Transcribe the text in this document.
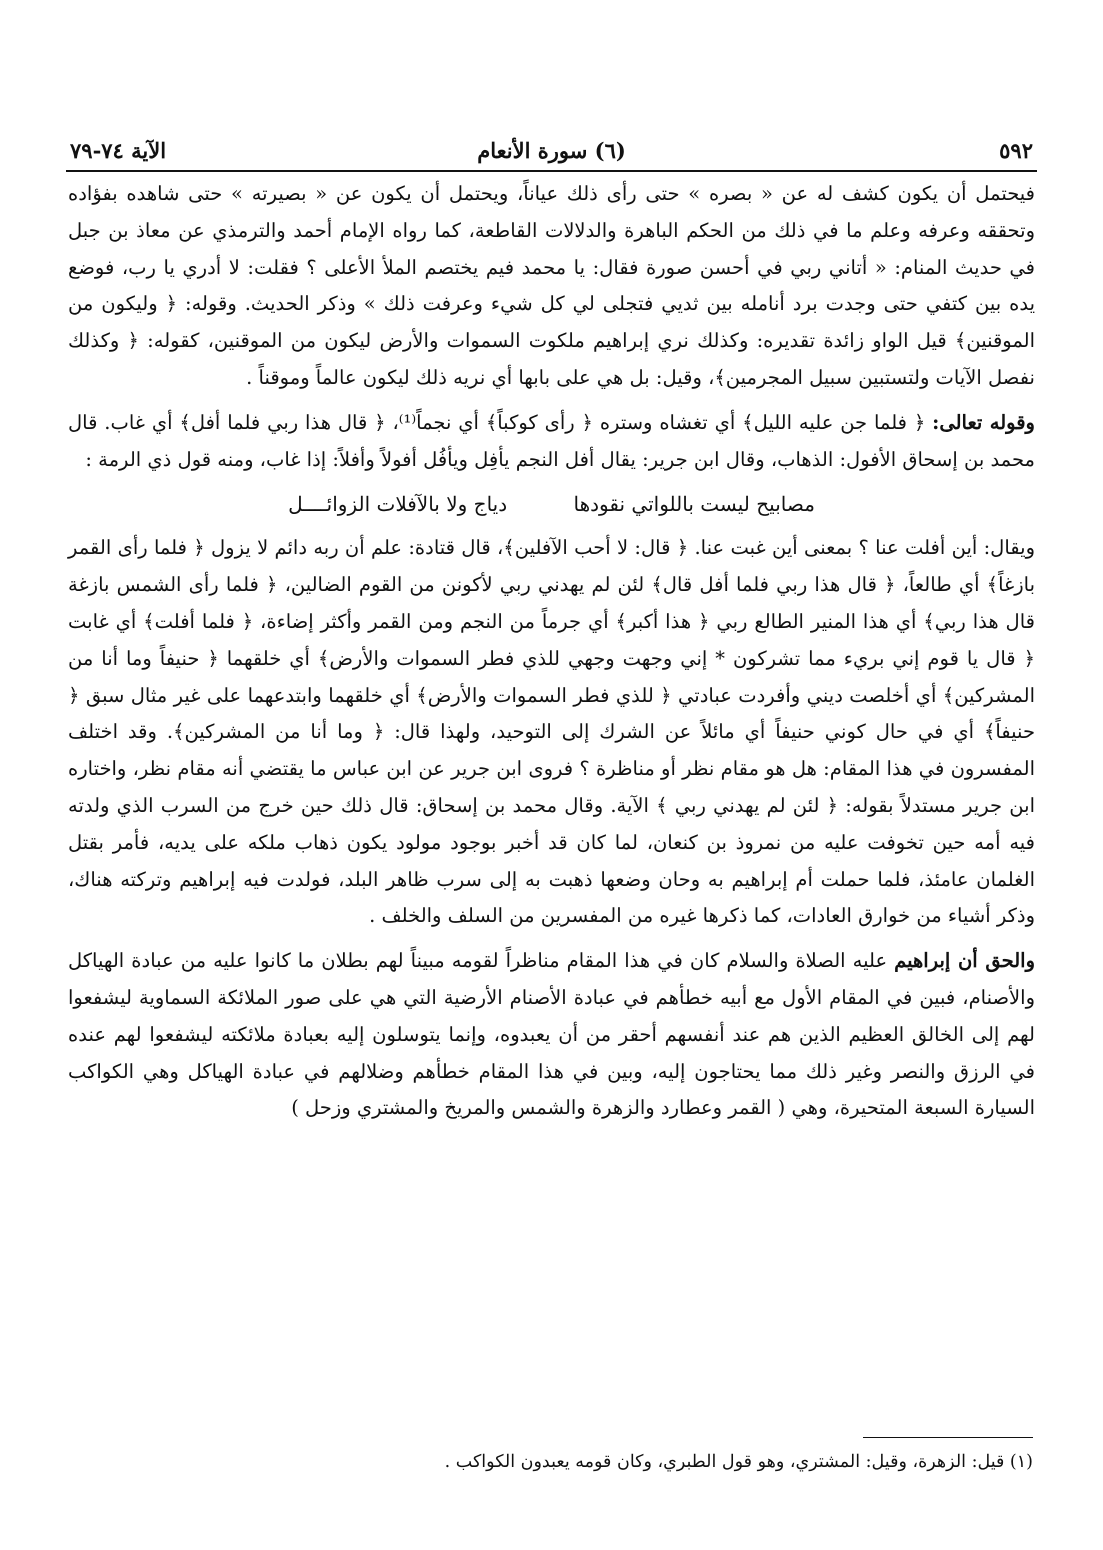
٥٩٢
(٦) سورة الأنعام
الآية ٧٤-٧٩

فيحتمل أن يكون كشف له عن « بصره » حتى رأى ذلك عياناً، ويحتمل أن يكون عن « بصيرته » حتى شاهده بفؤاده وتحققه وعرفه وعلم ما في ذلك من الحكم الباهرة والدلالات القاطعة، كما رواه الإمام أحمد والترمذي عن معاذ بن جبل في حديث المنام: « أتاني ربي في أحسن صورة فقال: يا محمد فيم يختصم الملأ الأعلى ؟ فقلت: لا أدري يا رب، فوضع يده بين كتفي حتى وجدت برد أنامله بين ثديي فتجلى لي كل شيء وعرفت ذلك » وذكر الحديث. وقوله: ﴿ وليكون من الموقنين﴾ قيل الواو زائدة تقديره: وكذلك نري إبراهيم ملكوت السموات والأرض ليكون من الموقنين، كقوله: ﴿ وكذلك نفصل الآيات ولتستبين سبيل المجرمين﴾، وقيل: بل هي على بابها أي نريه ذلك ليكون عالماً وموقناً .

وقوله تعالى: ﴿ فلما جن عليه الليل﴾ أي تغشاه وستره ﴿ رأى كوكباً﴾ أي نجماً⁽¹⁾، ﴿ قال هذا ربي فلما أفل﴾ أي غاب. قال محمد بن إسحاق الأفول: الذهاب، وقال ابن جرير: يقال أفل النجم يأفِل ويأفُل أفولاً وأفلاً: إذا غاب، ومنه قول ذي الرمة :

مصابيح ليست باللواتي نقودها دياج ولا بالآفلات الزوائــــل

ويقال: أين أفلت عنا ؟ بمعنى أين غبت عنا. ﴿ قال: لا أحب الآفلين﴾، قال قتادة: علم أن ربه دائم لا يزول ﴿ فلما رأى القمر بازغاً﴾ أي طالعاً، ﴿ قال هذا ربي فلما أفل قال﴾ لئن لم يهدني ربي لأكونن من القوم الضالين، ﴿ فلما رأى الشمس بازغة قال هذا ربي﴾ أي هذا المنير الطالع ربي ﴿ هذا أكبر﴾ أي جرماً من النجم ومن القمر وأكثر إضاءة، ﴿ فلما أفلت﴾ أي غابت ﴿ قال يا قوم إني بريء مما تشركون * إني وجهت وجهي للذي فطر السموات والأرض﴾ أي خلقهما ﴿ حنيفاً وما أنا من المشركين﴾ أي أخلصت ديني وأفردت عبادتي ﴿ للذي فطر السموات والأرض﴾ أي خلقهما وابتدعهما على غير مثال سبق ﴿ حنيفاً﴾ أي في حال كوني حنيفاً أي مائلاً عن الشرك إلى التوحيد، ولهذا قال: ﴿ وما أنا من المشركين﴾. وقد اختلف المفسرون في هذا المقام: هل هو مقام نظر أو مناظرة ؟ فروى ابن جرير عن ابن عباس ما يقتضي أنه مقام نظر، واختاره ابن جرير مستدلاً بقوله: ﴿ لئن لم يهدني ربي ﴾ الآية. وقال محمد بن إسحاق: قال ذلك حين خرج من السرب الذي ولدته فيه أمه حين تخوفت عليه من نمروذ بن كنعان، لما كان قد أخبر بوجود مولود يكون ذهاب ملكه على يديه، فأمر بقتل الغلمان عامئذ، فلما حملت أم إبراهيم به وحان وضعها ذهبت به إلى سرب ظاهر البلد، فولدت فيه إبراهيم وتركته هناك، وذكر أشياء من خوارق العادات، كما ذكرها غيره من المفسرين من السلف والخلف .

والحق أن إبراهيم عليه الصلاة والسلام كان في هذا المقام مناظراً لقومه مبيناً لهم بطلان ما كانوا عليه من عبادة الهياكل والأصنام، فبين في المقام الأول مع أبيه خطأهم في عبادة الأصنام الأرضية التي هي على صور الملائكة السماوية ليشفعوا لهم إلى الخالق العظيم الذين هم عند أنفسهم أحقر من أن يعبدوه، وإنما يتوسلون إليه بعبادة ملائكته ليشفعوا لهم عنده في الرزق والنصر وغير ذلك مما يحتاجون إليه، وبين في هذا المقام خطأهم وضلالهم في عبادة الهياكل وهي الكواكب السيارة السبعة المتحيرة، وهي ( القمر وعطارد والزهرة والشمس والمريخ والمشتري وزحل )

(١) قيل: الزهرة، وقيل: المشتري، وهو قول الطبري، وكان قومه يعبدون الكواكب .
